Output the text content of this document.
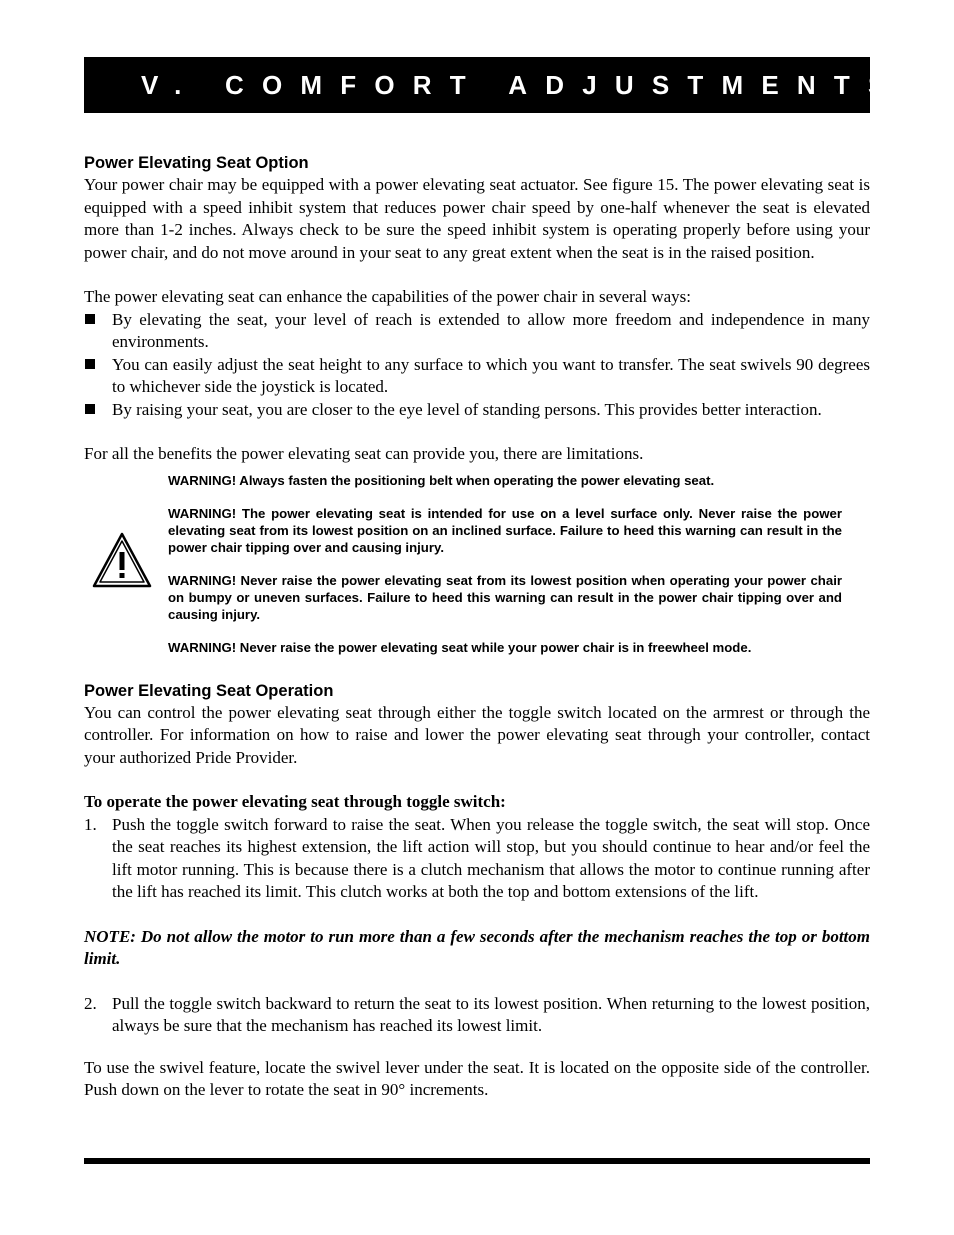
V. COMFORT ADJUSTMENTS
Power Elevating Seat Option

Your power chair may be equipped with a power elevating seat actuator. See figure 15. The power elevating seat is equipped with a speed inhibit system that reduces power chair speed by one-half whenever the seat is elevated more than 1-2 inches. Always check to be sure the speed inhibit system is operating properly before using your power chair, and do not move around in your seat to any great extent when the seat is in the raised position.

The power elevating seat can enhance the capabilities of the power chair in several ways:

By elevating the seat, your level of reach is extended to allow more freedom and independence in many environments.
You can easily adjust the seat height to any surface to which you want to transfer. The seat swivels 90 degrees to whichever side the joystick is located.
By raising your seat, you are closer to the eye level of standing persons. This provides better interaction.

For all the benefits the power elevating seat can provide you, there are limitations.

WARNING! Always fasten the positioning belt when operating the power elevating seat.

WARNING! The power elevating seat is intended for use on a level surface only. Never raise the power elevating seat from its lowest position on an inclined surface. Failure to heed this warning can result in the power chair tipping over and causing injury.

WARNING! Never raise the power elevating seat from its lowest position when operating your power chair on bumpy or uneven surfaces. Failure to heed this warning can result in the power chair tipping over and causing injury.

WARNING! Never raise the power elevating seat while your power chair is in freewheel mode.

Power Elevating Seat Operation

You can control the power elevating seat through either the toggle switch located on the armrest or through the controller. For information on how to raise and lower the power elevating seat through your controller, contact your authorized Pride Provider.

To operate the power elevating seat through toggle switch:

1. Push the toggle switch forward to raise the seat. When you release the toggle switch, the seat will stop. Once the seat reaches its highest extension, the lift action will stop, but you should continue to hear and/or feel the lift motor running. This is because there is a clutch mechanism that allows the motor to continue running after the lift has reached its limit. This clutch works at both the top and bottom extensions of the lift.

NOTE: Do not allow the motor to run more than a few seconds after the mechanism reaches the top or bottom limit.

2. Pull the toggle switch backward to return the seat to its lowest position. When returning to the lowest position, always be sure that the mechanism has reached its lowest limit.

To use the swivel feature, locate the swivel lever under the seat. It is located on the opposite side of the controller. Push down on the lever to rotate the seat in 90° increments.
